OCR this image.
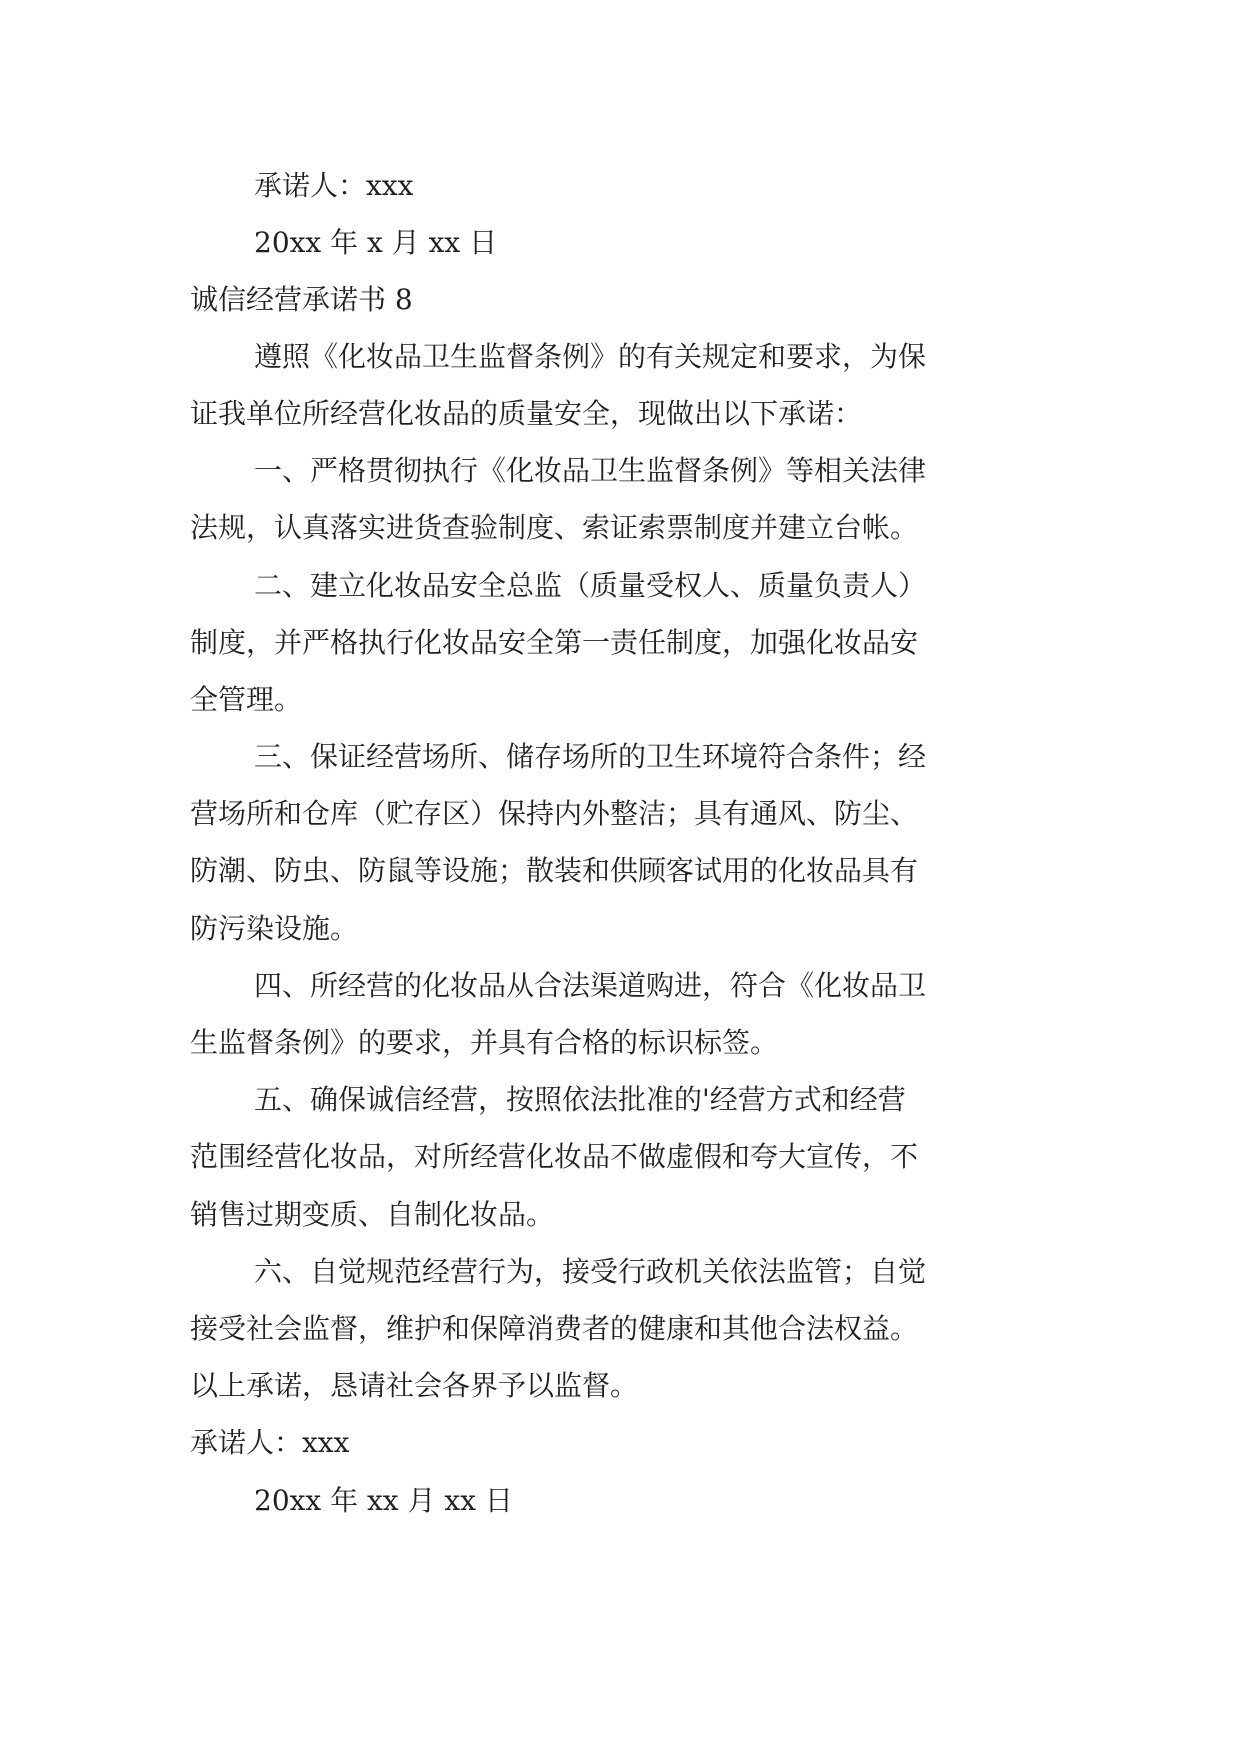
承诺人：xxx

20xx 年 x 月 xx 日

诚信经营承诺书 8

遵照《化妆品卫生监督条例》的有关规定和要求，为保

证我单位所经营化妆品的质量安全，现做出以下承诺：

一、严格贯彻执行《化妆品卫生监督条例》等相关法律

法规，认真落实进货查验制度、索证索票制度并建立台帐。

二、建立化妆品安全总监（质量受权人、质量负责人）

制度，并严格执行化妆品安全第一责任制度，加强化妆品安

全管理。

三、保证经营场所、储存场所的卫生环境符合条件；经

营场所和仓库（贮存区）保持内外整洁；具有通风、防尘、

防潮、防虫、防鼠等设施；散装和供顾客试用的化妆品具有

防污染设施。

四、所经营的化妆品从合法渠道购进，符合《化妆品卫

生监督条例》的要求，并具有合格的标识标签。

五、确保诚信经营，按照依法批准的'经营方式和经营

范围经营化妆品，对所经营化妆品不做虚假和夸大宣传，不

销售过期变质、自制化妆品。

六、自觉规范经营行为，接受行政机关依法监管；自觉

接受社会监督，维护和保障消费者的健康和其他合法权益。

以上承诺，恳请社会各界予以监督。

承诺人：xxx

20xx 年 xx 月 xx 日
